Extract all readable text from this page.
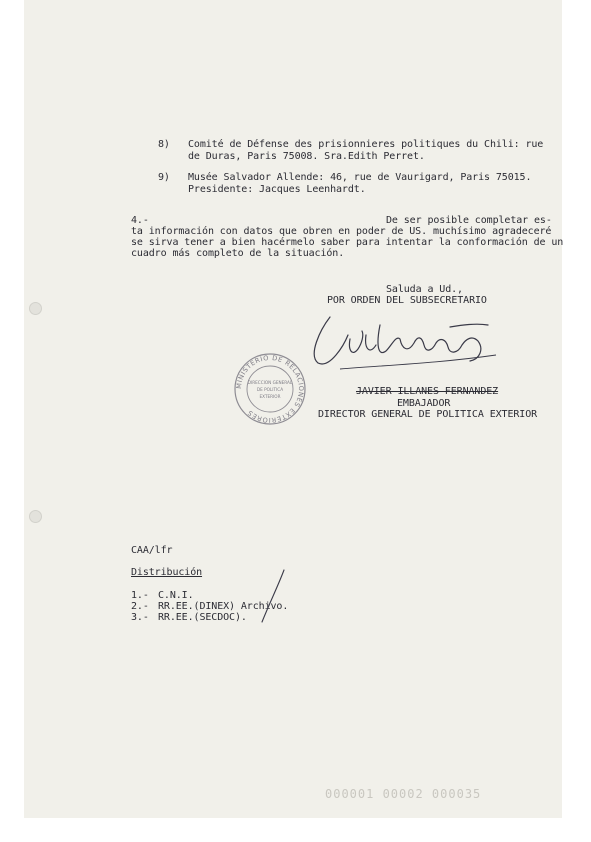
8) Comité de Défense des prisionnieres politiques du Chili: rue
de Duras, Paris 75008. Sra.Edith Perret.
9) Musée Salvador Allende: 46, rue de Vaurigard, Paris 75015.
Presidente: Jacques Leenhardt.
4.-	De ser posible completar es-
ta información con datos que obren en poder de US. muchísimo agradeceré
se sirva tener a bien hacérmelo saber para intentar la conformación de un
cuadro más completo de la situación.
Saluda a Ud.,
POR ORDEN DEL SUBSECRETARIO
MINISTERIO DE RELACIONES EXTERIORES
DIRECCION GENERAL
DE POLITICA
EXTERIOR	JAVIER ILLANES FERNANDEZ
EMBAJADOR
DIRECTOR GENERAL DE POLITICA EXTERIOR
CAA/lfr
Distribución
1.- C.N.I.
2.- RR.EE.(DINEX) Archivo.
3.- RR.EE.(SECDOC).
000001 00002 000035
